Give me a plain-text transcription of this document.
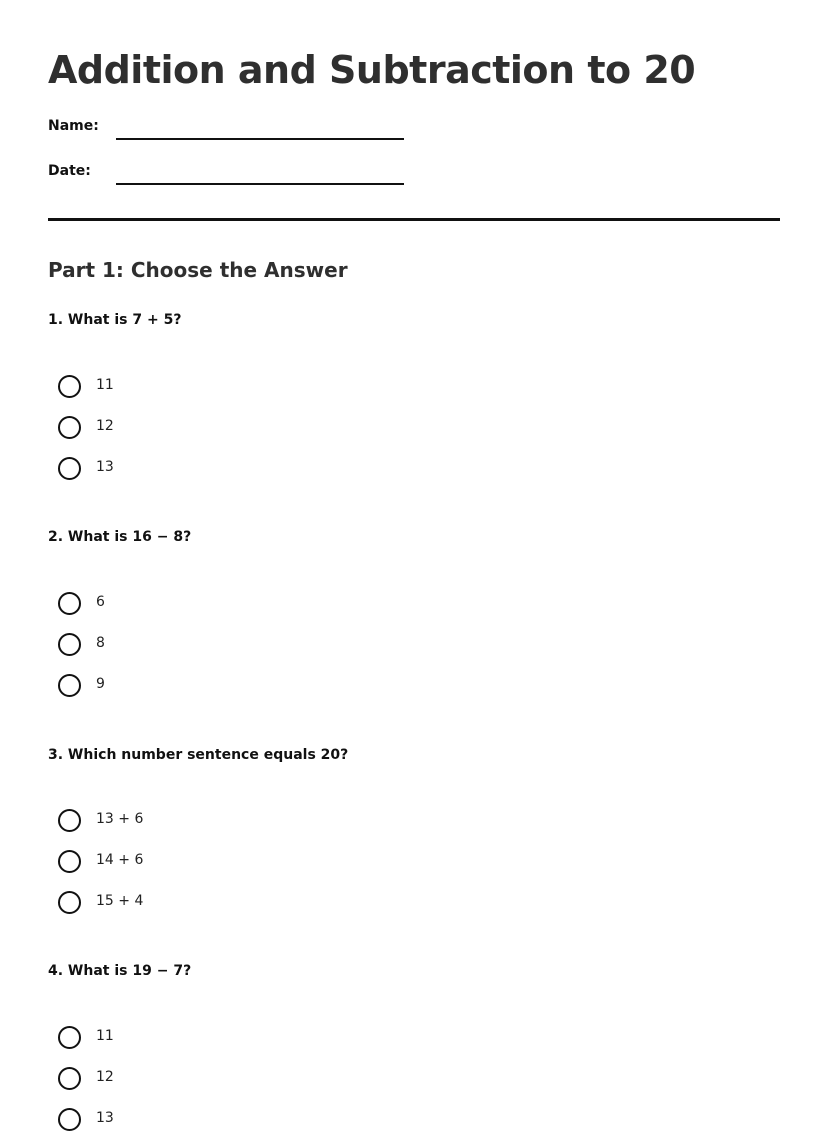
Addition and Subtraction to 20
Name:
Date:
Part 1: Choose the Answer
1. What is 7 + 5?
11
12
13
2. What is 16 − 8?
6
8
9
3. Which number sentence equals 20?
13 + 6
14 + 6
15 + 4
4. What is 19 − 7?
11
12
13
